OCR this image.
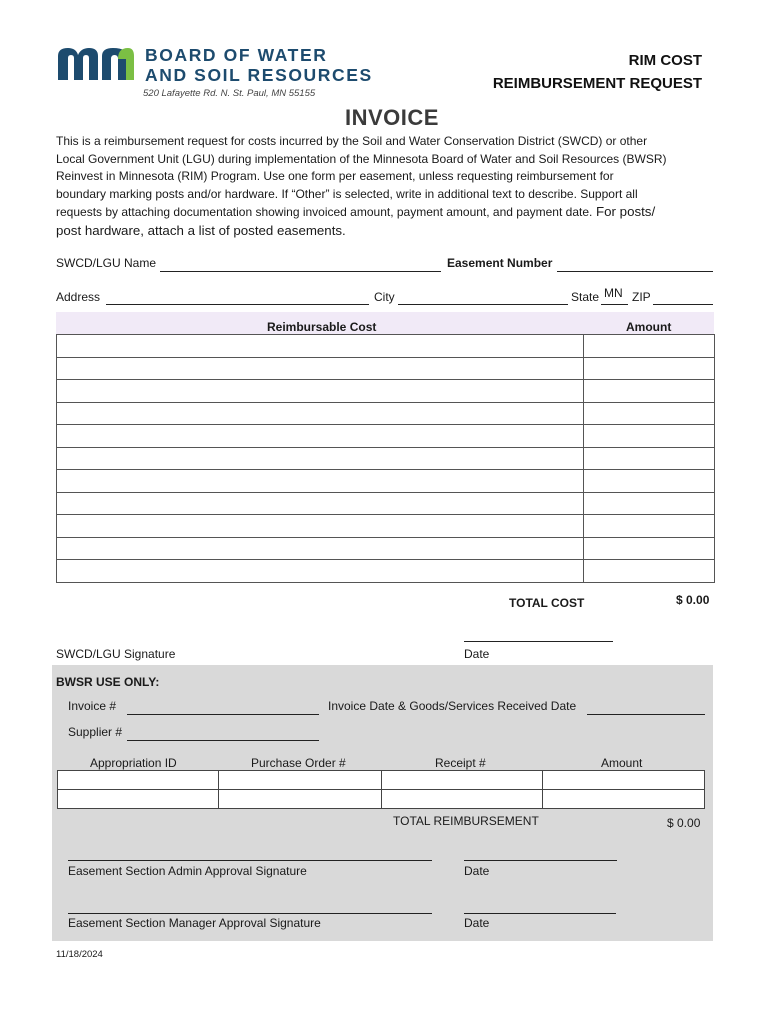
BOARD OF WATER
AND SOIL RESOURCES
520 Lafayette Rd. N. St. Paul, MN 55155
RIM COST
REIMBURSEMENT REQUEST
INVOICE
This is a reimbursement request for costs incurred by the Soil and Water Conservation District (SWCD) or other
Local Government Unit (LGU) during implementation of the Minnesota Board of Water and Soil Resources (BWSR)
Reinvest in Minnesota (RIM) Program. Use one form per easement, unless requesting reimbursement for
boundary marking posts and/or hardware. If “Other” is selected, write in additional text to describe. Support all
requests by attaching documentation showing invoiced amount, payment amount, and payment date. For posts/
post hardware, attach a list of posted easements.
SWCD/LGU Name	Easement Number
Address	City	State MN ZIP
Reimbursable Cost	Amount

TOTAL COST	$ 0.00
SWCD/LGU Signature	Date
BWSR USE ONLY:
Invoice #	Invoice Date & Goods/Services Received Date
Supplier #
Appropriation ID	Purchase Order #	Receipt #	Amount

TOTAL REIMBURSEMENT	$ 0.00
Easement Section Admin Approval Signature	Date
Easement Section Manager Approval Signature	Date
11/18/2024
